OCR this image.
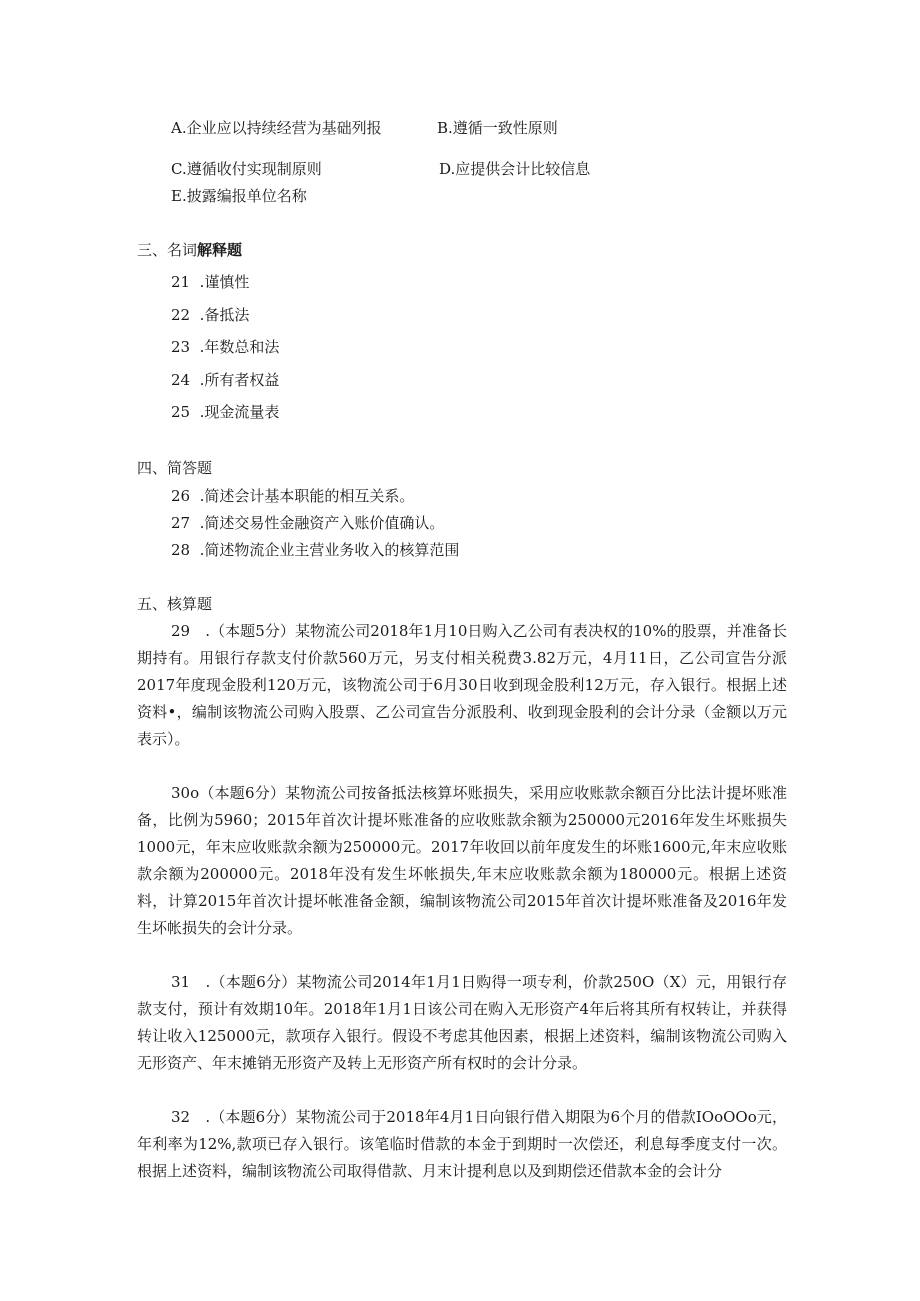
A.企业应以持续经营为基础列报	B.遵循一致性原则
C.遵循收付实现制原则	D.应提供会计比较信息
E.披露编报单位名称
三、名词解释题
21 .谨慎性
22 .备抵法
23 .年数总和法
24 .所有者权益
25 .现金流量表
四、简答题
26 .简述会计基本职能的相互关系。
27 .简述交易性金融资产入账价值确认。
28 .简述物流企业主营业务收入的核算范围
五、核算题
29　.（本题5分）某物流公司2018年1月10日购入乙公司有表决权的10%的股票，并准备长期持有。用银行存款支付价款560万元，另支付相关税费3.82万元，4月11日，乙公司宣告分派2017年度现金股利120万元，该物流公司于6月30日收到现金股利12万元，存入银行。根据上述资料•，编制该物流公司购入股票、乙公司宣告分派股利、收到现金股利的会计分录（金额以万元表示）。
30o（本题6分）某物流公司按备抵法核算坏账损失，采用应收账款余额百分比法计提坏账准备，比例为5960；2015年首次计提坏账准备的应收账款余额为250000元2016年发生坏账损失1000元，年末应收账款余额为250000元。2017年收回以前年度发生的坏账1600元,年末应收账款余额为200000元。2018年没有发生坏帐损失,年末应收账款余额为180000元。根据上述资料，计算2015年首次计提坏帐准备金额，编制该物流公司2015年首次计提坏账准备及2016年发生坏帐损失的会计分录。
31　.（本题6分）某物流公司2014年1月1日购得一项专利，价款250O（X）元，用银行存款支付，预计有效期10年。2018年1月1日该公司在购入无形资产4年后将其所有权转让，并获得转让收入125000元，款项存入银行。假设不考虑其他因素，根据上述资料，编制该物流公司购入无形资产、年末摊销无形资产及转上无形资产所有权时的会计分录。
32　.（本题6分）某物流公司于2018年4月1日向银行借入期限为6个月的借款IOoOOo元，年利率为12%,款项已存入银行。该笔临时借款的本金于到期时一次偿还，利息每季度支付一次。根据上述资料，编制该物流公司取得借款、月末计提利息以及到期偿还借款本金的会计分
